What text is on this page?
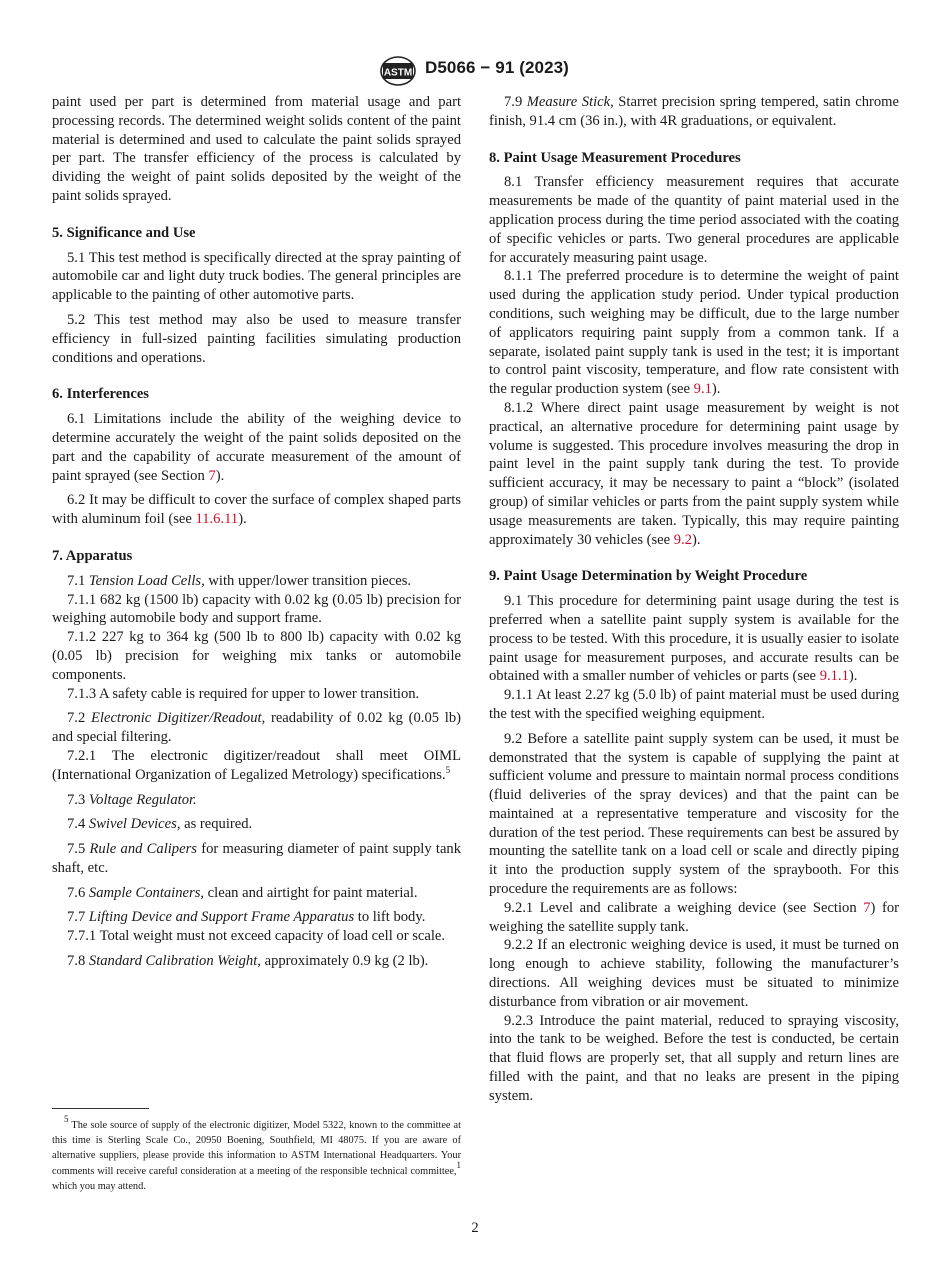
ASTM D5066 − 91 (2023)

paint used per part is determined from material usage and part processing records. The determined weight solids content of the paint material is determined and used to calculate the paint solids sprayed per part. The transfer efficiency of the process is calculated by dividing the weight of paint solids deposited by the weight of the paint solids sprayed.

5. Significance and Use

5.1 This test method is specifically directed at the spray painting of automobile car and light duty truck bodies. The general principles are applicable to the painting of other automotive parts.

5.2 This test method may also be used to measure transfer efficiency in full-sized painting facilities simulating production conditions and operations.

6. Interferences

6.1 Limitations include the ability of the weighing device to determine accurately the weight of the paint solids deposited on the part and the capability of accurate measurement of the amount of paint sprayed (see Section 7).

6.2 It may be difficult to cover the surface of complex shaped parts with aluminum foil (see 11.6.11).

7. Apparatus

7.1 Tension Load Cells, with upper/lower transition pieces.

7.1.1 682 kg (1500 lb) capacity with 0.02 kg (0.05 lb) precision for weighing automobile body and support frame.

7.1.2 227 kg to 364 kg (500 lb to 800 lb) capacity with 0.02 kg (0.05 lb) precision for weighing mix tanks or automobile components.

7.1.3 A safety cable is required for upper to lower transition.

7.2 Electronic Digitizer/Readout, readability of 0.02 kg (0.05 lb) and special filtering.

7.2.1 The electronic digitizer/readout shall meet OIML (International Organization of Legalized Metrology) specifications.$^5$

7.3 Voltage Regulator.

7.4 Swivel Devices, as required.

7.5 Rule and Calipers for measuring diameter of paint supply tank shaft, etc.

7.6 Sample Containers, clean and airtight for paint material.

7.7 Lifting Device and Support Frame Apparatus to lift body.

7.7.1 Total weight must not exceed capacity of load cell or scale.

7.8 Standard Calibration Weight, approximately 0.9 kg (2 lb).

$^5$ The sole source of supply of the electronic digitizer, Model 5322, known to the committee at this time is Sterling Scale Co., 20950 Boening, Southfield, MI 48075. If you are aware of alternative suppliers, please provide this information to ASTM International Headquarters. Your comments will receive careful consideration at a meeting of the responsible technical committee,$^1$ which you may attend.

7.9 Measure Stick, Starret precision spring tempered, satin chrome finish, 91.4 cm (36 in.), with 4R graduations, or equivalent.

8. Paint Usage Measurement Procedures

8.1 Transfer efficiency measurement requires that accurate measurements be made of the quantity of paint material used in the application process during the time period associated with the coating of specific vehicles or parts. Two general procedures are applicable for accurately measuring paint usage.

8.1.1 The preferred procedure is to determine the weight of paint used during the application study period. Under typical production conditions, such weighing may be difficult, due to the large number of applicators requiring paint supply from a common tank. If a separate, isolated paint supply tank is used in the test; it is important to control paint viscosity, temperature, and flow rate consistent with the regular production system (see 9.1).

8.1.2 Where direct paint usage measurement by weight is not practical, an alternative procedure for determining paint usage by volume is suggested. This procedure involves measuring the drop in paint level in the paint supply tank during the test. To provide sufficient accuracy, it may be necessary to paint a “block” (isolated group) of similar vehicles or parts from the paint supply system while usage measurements are taken. Typically, this may require painting approximately 30 vehicles (see 9.2).

9. Paint Usage Determination by Weight Procedure

9.1 This procedure for determining paint usage during the test is preferred when a satellite paint supply system is available for the process to be tested. With this procedure, it is usually easier to isolate paint usage for measurement purposes, and accurate results can be obtained with a smaller number of vehicles or parts (see 9.1.1).

9.1.1 At least 2.27 kg (5.0 lb) of paint material must be used during the test with the specified weighing equipment.

9.2 Before a satellite paint supply system can be used, it must be demonstrated that the system is capable of supplying the paint at sufficient volume and pressure to maintain normal process conditions (fluid deliveries of the spray devices) and that the paint can be maintained at a representative temperature and viscosity for the duration of the test period. These requirements can best be assured by mounting the satellite tank on a load cell or scale and directly piping it into the production supply system of the spraybooth. For this procedure the requirements are as follows:

9.2.1 Level and calibrate a weighing device (see Section 7) for weighing the satellite supply tank.

9.2.2 If an electronic weighing device is used, it must be turned on long enough to achieve stability, following the manufacturer’s directions. All weighing devices must be situated to minimize disturbance from vibration or air movement.

9.2.3 Introduce the paint material, reduced to spraying viscosity, into the tank to be weighed. Before the test is conducted, be certain that fluid flows are properly set, that all supply and return lines are filled with the paint, and that no leaks are present in the piping system.

2
